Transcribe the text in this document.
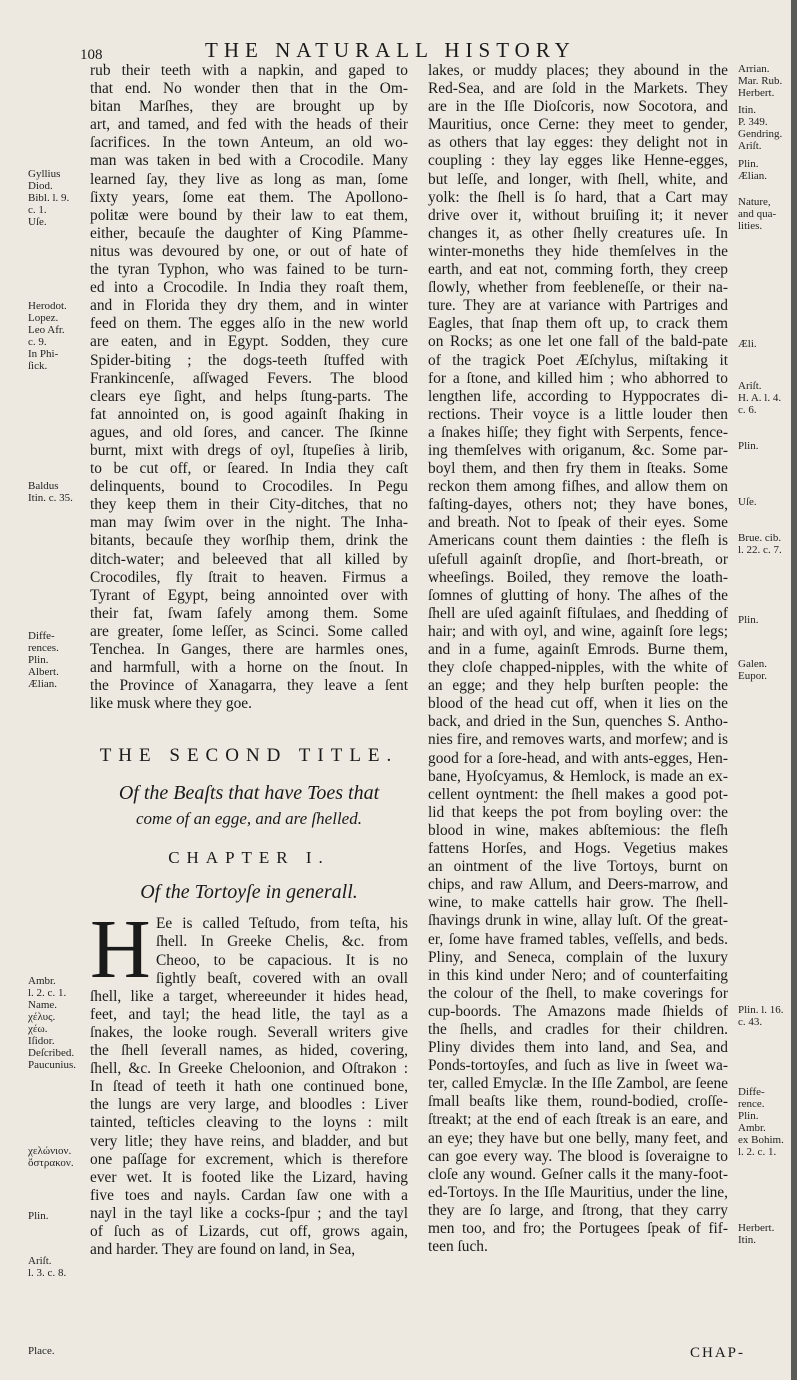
108	THE NATURALL HISTORY
Gyllius
Diod.
Bibl. l. 9.
c. 1.
Uſe.
Herodot.
Lopez.
Leo Afr.
c. 9.
In Phi-
ſick.
Baldus
Itin. c. 35.
Diffe-
rences.
Plin.
Albert.
Ælian.
Ambr.
l. 2. c. 1.
Name.
χέλυς.
χέω.
Iſidor.
Deſcribed.
Paucunius.
χελώνιον.
ὄστρακον.
Plin.
Ariſt.
l. 3. c. 8.
Place.
Arrian.
Mar. Rub.
Herbert.
Itin.
P. 349.
Gendring.
Ariſt.
Plin.
Ælian.
Nature,
and qua-
lities.
Æli.
Ariſt.
H. A. l. 4.
c. 6.
Plin.
Uſe.
Brue. cib.
l. 22. c. 7.
Plin.
Galen.
Eupor.
Plin. l. 16.
c. 43.
Diffe-
rence.
Plin.
Ambr.
ex Bohim.
l. 2. c. 1.
Herbert.
Itin.
rub their teeth with a napkin, and gaped to
that end. No wonder then that in the Om-
bitan Marſhes, they are brought up by
art, and tamed, and fed with the heads of their
ſacrifices. In the town Anteum, an old wo-
man was taken in bed with a Crocodile. Many
learned ſay, they live as long as man, ſome
ſixty years, ſome eat them. The Apollono-
politæ were bound by their law to eat them,
either, becauſe the daughter of King Pſamme-
nitus was devoured by one, or out of hate of
the tyran Typhon, who was fained to be turn-
ed into a Crocodile. In India they roaſt them,
and in Florida they dry them, and in winter
feed on them. The egges alſo in the new world
are eaten, and in Egypt. Sodden, they cure
Spider-biting ; the dogs-teeth ſtuffed with
Frankincenſe, aſſwaged Fevers. The blood
clears eye ſight, and helps ſtung-parts. The
fat annointed on, is good againſt ſhaking in
agues, and old ſores, and cancer. The ſkinne
burnt, mixt with dregs of oyl, ſtupeſies à lirib,
to be cut off, or ſeared. In India they caſt
delinquents, bound to Crocodiles. In Pegu
they keep them in their City-ditches, that no
man may ſwim over in the night. The Inha-
bitants, becauſe they worſhip them, drink the
ditch-water; and beleeved that all killed by
Crocodiles, fly ſtrait to heaven. Firmus a
Tyrant of Egypt, being annointed over with
their fat, ſwam ſafely among them. Some
are greater, ſome leſſer, as Scinci. Some called
Tenchea. In Ganges, there are harmles ones,
and harmfull, with a horne on the ſnout. In
the Province of Xanagarra, they leave a ſent
like musk where they goe.
THE SECOND TITLE.
Of the Beaſts that have Toes that
come of an egge, and are ſhelled.
CHAPTER I.
Of the Tortoyſe in generall.
H Ee is called Teſtudo, from teſta, his
ſhell. In Greeke Chelis, &c. from
Cheoo, to be capacious. It is no
ſightly beaſt, covered with an ovall
ſhell, like a target, whereeunder it hides head,
feet, and tayl; the head litle, the tayl as a
ſnakes, the looke rough. Severall writers give
the ſhell ſeverall names, as hided, covering,
ſhell, &c. In Greeke Cheloonion, and Oſtrakon :
In ſtead of teeth it hath one continued bone,
the lungs are very large, and bloodles : Liver
tainted, teſticles cleaving to the loyns : milt
very litle; they have reins, and bladder, and but
one paſſage for excrement, which is therefore
ever wet. It is footed like the Lizard, having
five toes and nayls. Cardan ſaw one with a
nayl in the tayl like a cocks-ſpur ; and the tayl
of ſuch as of Lizards, cut off, grows again,
and harder. They are found on land, in Sea,
lakes, or muddy places; they abound in the
Red-Sea, and are ſold in the Markets. They
are in the Iſle Dioſcoris, now Socotora, and
Mauritius, once Cerne: they meet to gender,
as others that lay egges: they delight not in
coupling : they lay egges like Henne-egges,
but leſſe, and longer, with ſhell, white, and
yolk: the ſhell is ſo hard, that a Cart may
drive over it, without bruiſing it; it never
changes it, as other ſhelly creatures uſe. In
winter-moneths they hide themſelves in the
earth, and eat not, comming forth, they creep
ſlowly, whether from feebleneſſe, or their na-
ture. They are at variance with Partriges and
Eagles, that ſnap them oft up, to crack them
on Rocks; as one let one fall of the bald-pate
of the tragick Poet Æſchylus, miſtaking it
for a ſtone, and killed him ; who abhorred to
lengthen life, according to Hyppocrates di-
rections. Their voyce is a little louder then
a ſnakes hiſſe; they fight with Serpents, fence-
ing themſelves with origanum, &c. Some par-
boyl them, and then fry them in ſteaks. Some
reckon them among fiſhes, and allow them on
faſting-dayes, others not; they have bones,
and breath. Not to ſpeak of their eyes. Some
Americans count them dainties : the fleſh is
uſefull againſt dropſie, and ſhort-breath, or
wheeſings. Boiled, they remove the loath-
ſomnes of glutting of hony. The aſhes of the
ſhell are uſed againſt fiſtulaes, and ſhedding of
hair; and with oyl, and wine, againſt ſore legs;
and in a fume, againſt Emrods. Burne them,
they cloſe chapped-nipples, with the white of
an egge; and they help burſten people: the
blood of the head cut off, when it lies on the
back, and dried in the Sun, quenches S. Antho-
nies fire, and removes warts, and morfew; and is
good for a ſore-head, and with ants-egges, Hen-
bane, Hyoſcyamus, & Hemlock, is made an ex-
cellent oyntment: the ſhell makes a good pot-
lid that keeps the pot from boyling over: the
blood in wine, makes abſtemious: the fleſh
fattens Horſes, and Hogs. Vegetius makes
an ointment of the live Tortoys, burnt on
chips, and raw Allum, and Deers-marrow, and
wine, to make cattells hair grow. The ſhell-
ſhavings drunk in wine, allay luſt. Of the great-
er, ſome have framed tables, veſſells, and beds.
Pliny, and Seneca, complain of the luxury
in this kind under Nero; and of counterfaiting
the colour of the ſhell, to make coverings for
cup-boords. The Amazons made ſhields of
the ſhells, and cradles for their children.
Pliny divides them into land, and Sea, and
Ponds-tortoyſes, and ſuch as live in ſweet wa-
ter, called Emyclæ. In the Iſle Zambol, are ſeene
ſmall beaſts like them, round-bodied, croſſe-
ſtreakt; at the end of each ſtreak is an eare, and
an eye; they have but one belly, many feet, and
can goe every way. The blood is ſoveraigne to
cloſe any wound. Geſner calls it the many-foot-
ed-Tortoys. In the Iſle Mauritius, under the line,
they are ſo large, and ſtrong, that they carry
men too, and fro; the Portugees ſpeak of fif-
teen ſuch.
CHAP-
